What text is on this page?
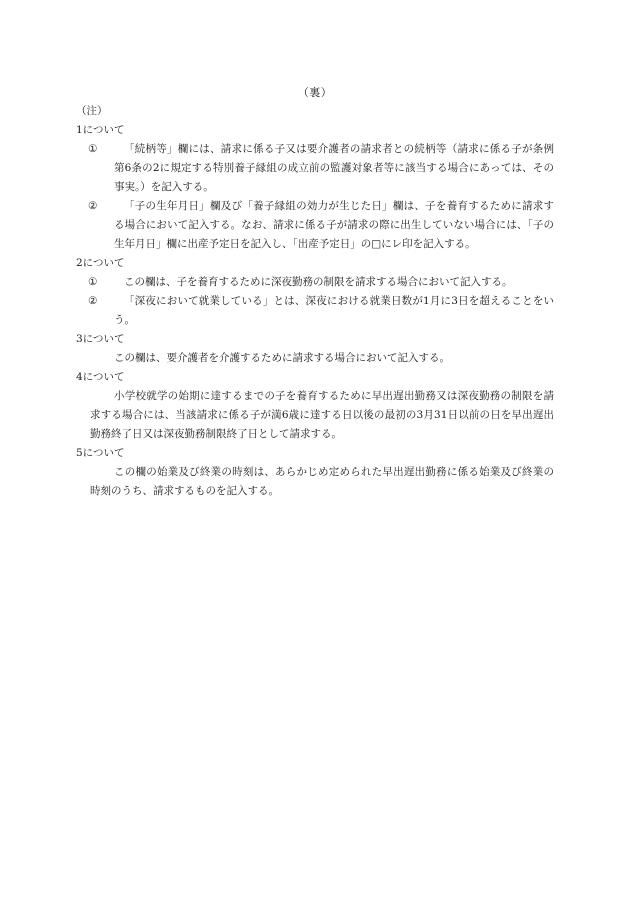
（裏）
（注）
1について
①	「続柄等」欄には、請求に係る子又は要介護者の請求者との続柄等（請求に係る子が条例第6条の2に規定する特別養子縁組の成立前の監護対象者等に該当する場合にあっては、その事実。）を記入する。
②	「子の生年月日」欄及び「養子縁組の効力が生じた日」欄は、子を養育するために請求する場合において記入する。なお、請求に係る子が請求の際に出生していない場合には、「子の生年月日」欄に出産予定日を記入し、「出産予定日」の□にレ印を記入する。
2について
①	この欄は、子を養育するために深夜勤務の制限を請求する場合において記入する。
②	「深夜において就業している」とは、深夜における就業日数が1月に3日を超えることをいう。
3について
この欄は、要介護者を介護するために請求する場合において記入する。
4について
小学校就学の始期に達するまでの子を養育するために早出遅出勤務又は深夜勤務の制限を請求する場合には、当該請求に係る子が満6歳に達する日以後の最初の3月31日以前の日を早出遅出勤務終了日又は深夜勤務制限終了日として請求する。
5について
この欄の始業及び終業の時刻は、あらかじめ定められた早出遅出勤務に係る始業及び終業の時刻のうち、請求するものを記入する。
